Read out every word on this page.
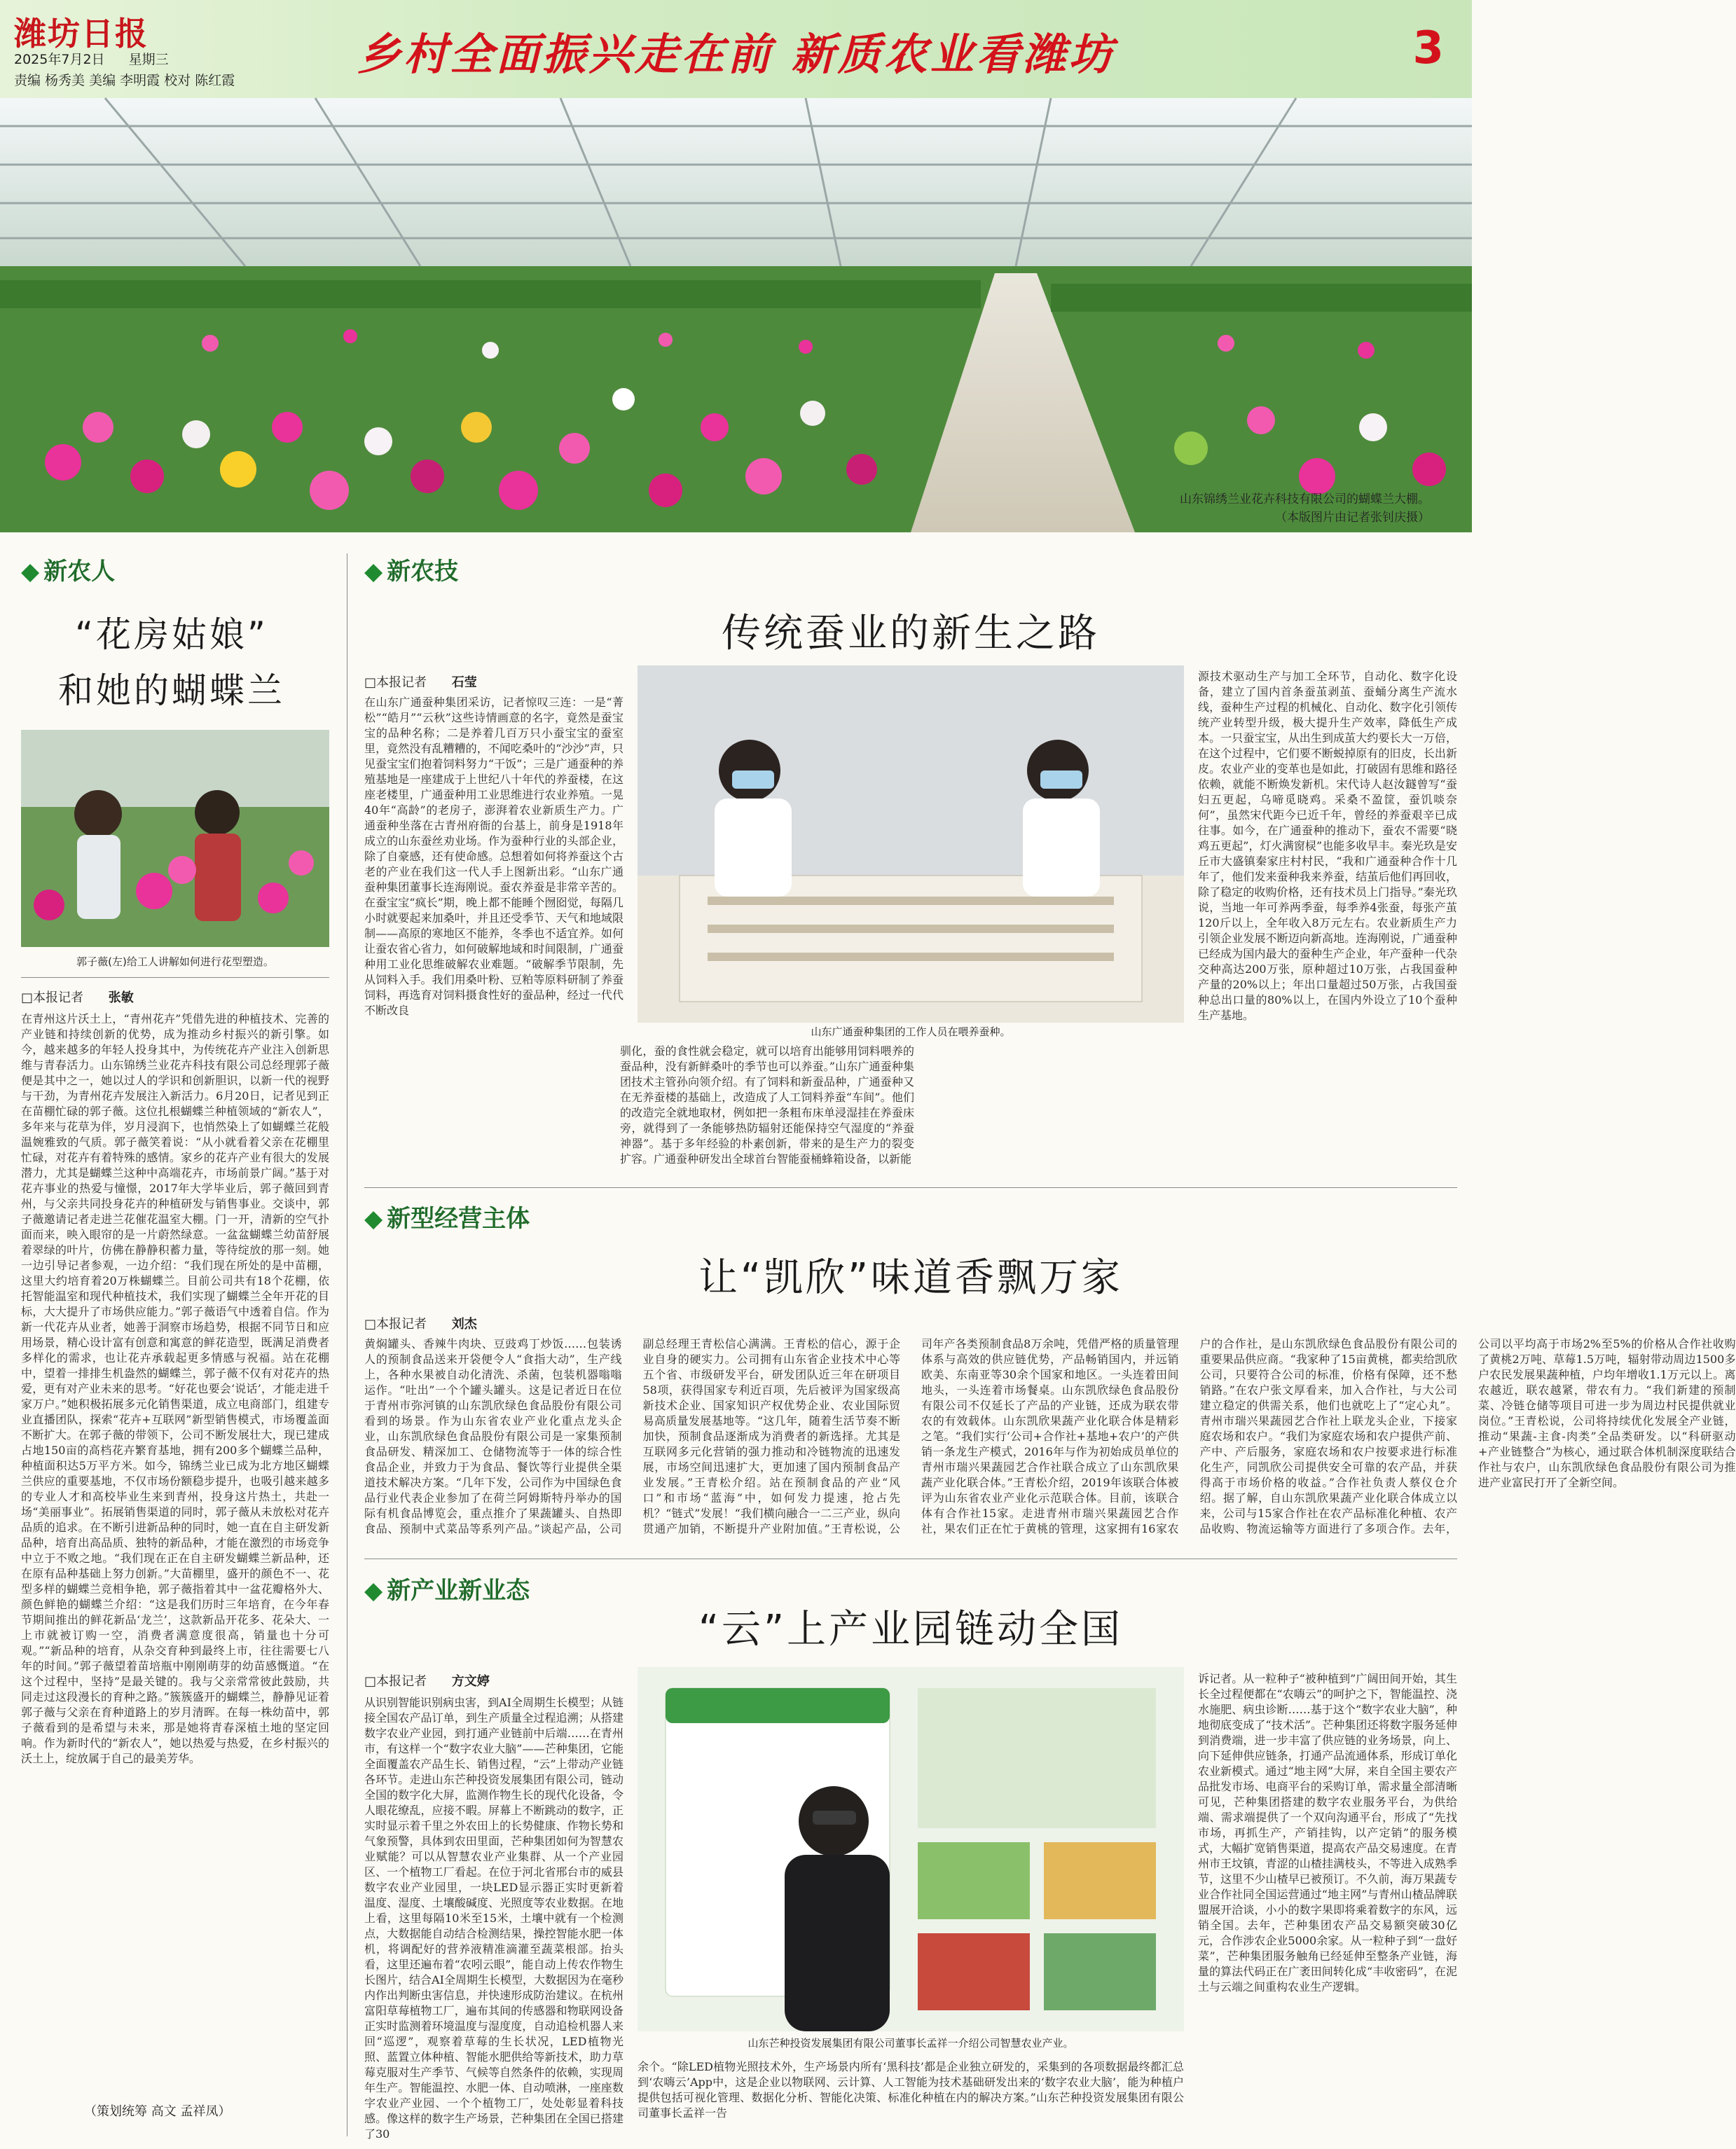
潍坊日报
2025年7月2日 星期三
责编 杨秀美 美编 李明霞 校对 陈红霞
乡村全面振兴走在前 新质农业看潍坊	3
山东锦绣兰业花卉科技有限公司的蝴蝶兰大棚。
（本版图片由记者张钊庆摄）
◆ 新农人
“花房姑娘”
和她的蝴蝶兰
郭子薇(左)给工人讲解如何进行花型塑造。
□本报记者 张敏
在青州这片沃土上，“青州花卉”凭借先进的种植技术、完善的产业链和持续创新的优势，成为推动乡村振兴的新引擎。如今，越来越多的年轻人投身其中，为传统花卉产业注入创新思维与青春活力。山东锦绣兰业花卉科技有限公司总经理郭子薇便是其中之一，她以过人的学识和创新胆识，以新一代的视野与干劲，为青州花卉发展注入新活力。6月20日，记者见到正在苗棚忙碌的郭子薇。这位扎根蝴蝶兰种植领域的“新农人”，多年来与花草为伴，岁月浸润下，也悄然染上了如蝴蝶兰花般温婉雅致的气质。郭子薇笑着说：“从小就看着父亲在花棚里忙碌，对花卉有着特殊的感情。家乡的花卉产业有很大的发展潜力，尤其是蝴蝶兰这种中高端花卉，市场前景广阔。”基于对花卉事业的热爱与憧憬，2017年大学毕业后，郭子薇回到青州，与父亲共同投身花卉的种植研发与销售事业。交谈中，郭子薇邀请记者走进兰花催花温室大棚。门一开，清新的空气扑面而来，映入眼帘的是一片蔚然绿意。一盆盆蝴蝶兰幼苗舒展着翠绿的叶片，仿佛在静静积蓄力量，等待绽放的那一刻。她一边引导记者参观，一边介绍：“我们现在所处的是中苗棚，这里大约培育着20万株蝴蝶兰。目前公司共有18个花棚，依托智能温室和现代种植技术，我们实现了蝴蝶兰全年开花的目标，大大提升了市场供应能力。”郭子薇语气中透着自信。作为新一代花卉从业者，她善于洞察市场趋势，根据不同节日和应用场景，精心设计富有创意和寓意的鲜花造型，既满足消费者多样化的需求，也让花卉承载起更多情感与祝福。站在花棚中，望着一排排生机盎然的蝴蝶兰，郭子薇不仅有对花卉的热爱，更有对产业未来的思考。“好花也要会‘说话’，才能走进千家万户。”她积极拓展多元化销售渠道，成立电商部门，组建专业直播团队，探索“花卉+互联网”新型销售模式，市场覆盖面不断扩大。在郭子薇的带领下，公司不断发展壮大，现已建成占地150亩的高档花卉繁育基地，拥有200多个蝴蝶兰品种，种植面积达5万平方米。如今，锦绣兰业已成为北方地区蝴蝶兰供应的重要基地，不仅市场份额稳步提升，也吸引越来越多的专业人才和高校毕业生来到青州，投身这片热土，共赴一场“美丽事业”。拓展销售渠道的同时，郭子薇从未放松对花卉品质的追求。在不断引进新品种的同时，她一直在自主研发新品种，培育出高品质、独特的新品种，才能在激烈的市场竞争中立于不败之地。“我们现在正在自主研发蝴蝶兰新品种，还在原有品种基础上努力创新。”大苗棚里，盛开的颜色不一、花型多样的蝴蝶兰竞相争艳，郭子薇指着其中一盆花瓣格外大、颜色鲜艳的蝴蝶兰介绍：“这是我们历时三年培育，在今年春节期间推出的鲜花新品‘龙兰’，这款新品开花多、花朵大、一上市就被订购一空，消费者满意度很高，销量也十分可观。”“新品种的培育，从杂交育种到最终上市，往往需要七八年的时间。”郭子薇望着苗培瓶中刚刚萌芽的幼苗感慨道。“在这个过程中，坚持”是最关键的。我与父亲常常彼此鼓励，共同走过这段漫长的育种之路。”簇簇盛开的蝴蝶兰，静静见证着郭子薇与父亲在育种道路上的岁月清晖。在每一株幼苗中，郭子薇看到的是希望与未来，那是她将青春深植土地的坚定回响。作为新时代的“新农人”，她以热爱与热爱，在乡村振兴的沃土上，绽放属于自己的最美芳华。
（策划统筹 高文 孟祥凤）
◆ 新农技
传统蚕业的新生之路
□本报记者 石莹
山东广通蚕种集团的工作人员在喂养蚕种。
在山东广通蚕种集团采访，记者惊叹三连：一是“菁松”“皓月”“云秋”这些诗情画意的名字，竟然是蚕宝宝的品种名称；二是养着几百万只小蚕宝宝的蚕室里，竟然没有乱糟糟的，不闻吃桑叶的“沙沙”声，只见蚕宝宝们抱着饲料努力“干饭”；三是广通蚕种的养殖基地是一座建成于上世纪八十年代的养蚕楼，在这座老楼里，广通蚕种用工业思维进行农业养殖。一晃40年“高龄”的老房子，澎湃着农业新质生产力。广通蚕种坐落在古青州府衙的台基上，前身是1918年成立的山东蚕丝劝业场。作为蚕种行业的头部企业，除了自豪感，还有使命感。总想着如何将养蚕这个古老的产业在我们这一代人手上图新出彩。“山东广通蚕种集团董事长连海刚说。蚕农养蚕是非常辛苦的。在蚕宝宝“疯长”期，晚上都不能睡个囫囵觉，每隔几小时就要起来加桑叶，并且还受季节、天气和地域限制——高原的寒地区不能养，冬季也不适宜养。如何让蚕农省心省力，如何破解地域和时间限制，广通蚕种用工业化思维破解农业难题。“破解季节限制，先从饲料入手。我们用桑叶粉、豆粕等原料研制了养蚕饲料，再选育对饲料摄食性好的蚕品种，经过一代代不断改良
驯化，蚕的食性就会稳定，就可以培育出能够用饲料喂养的蚕品种，没有新鲜桑叶的季节也可以养蚕。”山东广通蚕种集团技术主管孙向领介绍。有了饲料和新蚕品种，广通蚕种又在无养蚕楼的基础上，改造成了人工饲料养蚕“车间”。他们的改造完全就地取材，例如把一条粗布床单浸湿挂在养蚕床旁，就得到了一条能够热防辐射还能保持空气湿度的“养蚕神器”。基于多年经验的朴素创新，带来的是生产力的裂变扩容。广通蚕种研发出全球首台智能蚕桶蜂箱设备，以新能
源技术驱动生产与加工全环节，自动化、数字化设备，建立了国内首条蚕茧剥茧、蚕蛹分离生产流水线，蚕种生产过程的机械化、自动化、数字化引领传统产业转型升级，极大提升生产效率，降低生产成本。一只蚕宝宝，从出生到成茧大约要长大一万倍，在这个过程中，它们要不断蜕掉原有的旧皮，长出新皮。农业产业的变革也是如此，打破固有思维和路径依赖，就能不断焕发新机。宋代诗人赵汝鐩曾写“蚕妇五更起，乌啼觅晓鸡。采桑不盈筐，蚕饥啖奈何”，虽然宋代距今已近千年，曾经的养蚕艰辛已成往事。如今，在广通蚕种的推动下，蚕农不需要“晓鸡五更起”，灯火满窗棂”也能多收早丰。秦光玖是安丘市大盛镇秦家庄村村民，“我和广通蚕种合作十几年了，他们发来蚕种我来养蚕，结茧后他们再回收，除了稳定的收购价格，还有技术员上门指导。”秦光玖说，当地一年可养两季蚕，每季养4张蚕，每张产茧120斤以上，全年收入8万元左右。农业新质生产力引领企业发展不断迈向新高地。连海刚说，广通蚕种已经成为国内最大的蚕种生产企业，年产蚕种一代杂交种高达200万张，原种超过10万张，占我国蚕种产量的20%以上；年出口量超过50万张，占我国蚕种总出口量的80%以上，在国内外设立了10个蚕种生产基地。
◆ 新型经营主体
让“凯欣”味道香飘万家
□本报记者 刘杰
黄焖罐头、香辣牛肉块、豆豉鸡丁炒饭……包装诱人的预制食品送来开袋便令人“食指大动”，生产线上，各种水果被自动化清洗、杀菌，包装机器嗡嗡运作。“吐出”一个个罐头罐头。这是记者近日在位于青州市弥河镇的山东凯欣绿色食品股份有限公司看到的场景。作为山东省农业产业化重点龙头企业，山东凯欣绿色食品股份有限公司是一家集预制食品研发、精深加工、仓储物流等于一体的综合性食品企业，并致力于为食品、餐饮等行业提供全渠道技术解决方案。“几年下发，公司作为中国绿色食品行业代表企业参加了在荷兰阿姆斯特丹举办的国际有机食品博览会，重点推介了果蔬罐头、自热即食品、预制中式菜品等系列产品。”谈起产品，公司副总经理王青松信心满满。王青松的信心，源于企业自身的硬实力。公司拥有山东省企业技术中心等五个省、市级研发平台，研发团队近三年在研项目58项，获得国家专利近百项，先后被评为国家级高新技术企业、国家知识产权优势企业、农业国际贸易高质量发展基地等。“这几年，随着生活节奏不断加快，预制食品逐渐成为消费者的新选择。尤其是互联网多元化营销的强力推动和冷链物流的迅速发展，市场空间迅速扩大，更加速了国内预制食品产业发展。”王青松介绍。站在预制食品的产业“风口”和市场“蓝海”中，如何发力提速，抢占先机？“链式”发展！“我们横向融合一二三产业，纵向贯通产加销，不断提升产业附加值。”王青松说，公司年产各类预制食品8万余吨，凭借严格的质量管理体系与高效的供应链优势，产品畅销国内，并远销欧美、东南亚等30余个国家和地区。一头连着田间地头，一头连着市场餐桌。山东凯欣绿色食品股份有限公司不仅延长了产品的产业链，还成为联农带农的有效载体。山东凯欣果蔬产业化联合体是精彩之笔。“我们实行‘公司+合作社+基地+农户’的产供销一条龙生产模式，2016年与作为初始成员单位的青州市瑞兴果蔬园艺合作社联合成立了山东凯欣果蔬产业化联合体。”王青松介绍，2019年该联合体被评为山东省农业产业化示范联合体。目前，该联合体有合作社15家。走进青州市瑞兴果蔬园艺合作社，果农们正在忙于黄桃的管理，这家拥有16家农户的合作社，是山东凯欣绿色食品股份有限公司的重要果品供应商。“我家种了15亩黄桃，都卖给凯欣公司，只要符合公司的标准，价格有保障，还不愁销路。”在农户张文厚看来，加入合作社，与大公司建立稳定的供需关系，他们也就吃上了“定心丸”。青州市瑞兴果蔬园艺合作社上联龙头企业，下接家庭农场和农户。“我们为家庭农场和农户提供产前、产中、产后服务，家庭农场和农户按要求进行标准化生产，同凯欣公司提供安全可靠的农产品，并获得高于市场价格的收益。”合作社负责人蔡仪仓介绍。据了解，自山东凯欣果蔬产业化联合体成立以来，公司与15家合作社在农产品标准化种植、农产品收购、物流运输等方面进行了多项合作。去年，公司以平均高于市场2%至5%的价格从合作社收购了黄桃2万吨、草莓1.5万吨，辐射带动周边1500多户农民发展果蔬种植，户均年增收1.1万元以上。离农越近，联农越紧，带农有力。“我们新建的预制菜、冷链仓储等项目可进一步为周边村民提供就业岗位。”王青松说，公司将持续优化发展全产业链，推动“果蔬-主食-肉类”全品类研发。以“科研驱动+产业链整合”为核心，通过联合体机制深度联结合作社与农户，山东凯欣绿色食品股份有限公司为推进产业富民打开了全新空间。
◆ 新产业新业态
“云”上产业园链动全国
□本报记者 方文婷
山东芒种投资发展集团有限公司董事长孟祥一介绍公司智慧农业产业。
从识别智能识别病虫害，到AI全周期生长模型；从链接全国农产品订单，到生产质量全过程追溯；从搭建数字农业产业园，到打通产业链前中后端……在青州市，有这样一个“数字农业大脑”——芒种集团，它能全面覆盖农产品生长、销售过程，“云”上带动产业链各环节。走进山东芒种投资发展集团有限公司，链动全国的数字化大屏，监测作物生长的现代化设备，令人眼花缭乱，应接不暇。屏幕上不断跳动的数字，正实时显示着千里之外农田上的长势健康、作物长势和气象预警，具体到农田里面，芒种集团如何为智慧农业赋能？可以从智慧农业产业集群、从一个产业园区、一个植物工厂看起。在位于河北省邢台市的威县数字农业产业园里，一块LED显示器正实时更新着温度、湿度、土壤酸碱度、光照度等农业数据。在地上看，这里每隔10米至15米，土壤中就有一个检测点，大数据能自动结合检测结果，操控智能水肥一体机，将调配好的营养液精准滴灌至蔬菜根部。抬头看，这里还遍布着“农吲云眼”，能自动上传农作物生长图片，结合AI全周期生长模型，大数据因为在毫秒内作出判断虫害信息，并快速形成防治建议。在杭州富阳草莓植物工厂，遍布其间的传感器和物联网设备正实时监测着环境温度与湿度度，自动追检机器人来回“巡逻”，观察着草莓的生长状况，LED植物光照、蓝置立体种植、智能水肥供给等新技术，助力草莓克服对生产季节、气候等自然条件的依赖，实现周年生产。智能温控、水肥一体、自动喷淋，一座座数字农业产业园、一个个植物工厂，处处彰显着科技感。像这样的数字生产场景，芒种集团在全国已搭建了30
余个。“除LED植物光照技术外，生产场景内所有‘黑科技’都是企业独立研发的，采集到的各项数据最终都汇总到‘农嗨云’App中，这是企业以物联网、云计算、人工智能为技术基础研发出来的‘数字农业大脑’，能为种植户提供包括可视化管理、数据化分析、智能化决策、标准化种植在内的解决方案。”山东芒种投资发展集团有限公司董事长孟祥一告
诉记者。从一粒种子“被种植到”广阔田间开始，其生长全过程便都在“农嗨云”的呵护之下，智能温控、浇水施肥、病虫诊断……基于这个“数字农业大脑”，种地彻底变成了“技术活”。芒种集团还将数字服务延伸到消费端，进一步丰富了供应链的业务场景，向上、向下延伸供应链条，打通产品流通体系，形成订单化农业新模式。通过“地主网”大屏，来自全国主要农产品批发市场、电商平台的采购订单，需求量全部清晰可见，芒种集团搭建的数字农业服务平台，为供给端、需求端提供了一个双向沟通平台，形成了“先找市场，再抓生产，产销挂钩，以产定销”的服务模式，大幅扩宽销售渠道，提高农产品交易速度。在青州市王坟镇，青涩的山楂挂满枝头，不等进入成熟季节，这里不少山楂早已被预订。不久前，海万果蔬专业合作社同全国运营通过“地主网”与青州山楂品牌联盟展开洽谈，小小的数字果即将乘着数字的东风，远销全国。去年，芒种集团农产品交易额突破30亿元，合作涉农企业5000余家。从一粒种子到“一盘好菜”，芒种集团服务触角已经延伸至整条产业链，海量的算法代码正在广袤田间转化成“丰收密码”，在泥土与云端之间重构农业生产逻辑。
